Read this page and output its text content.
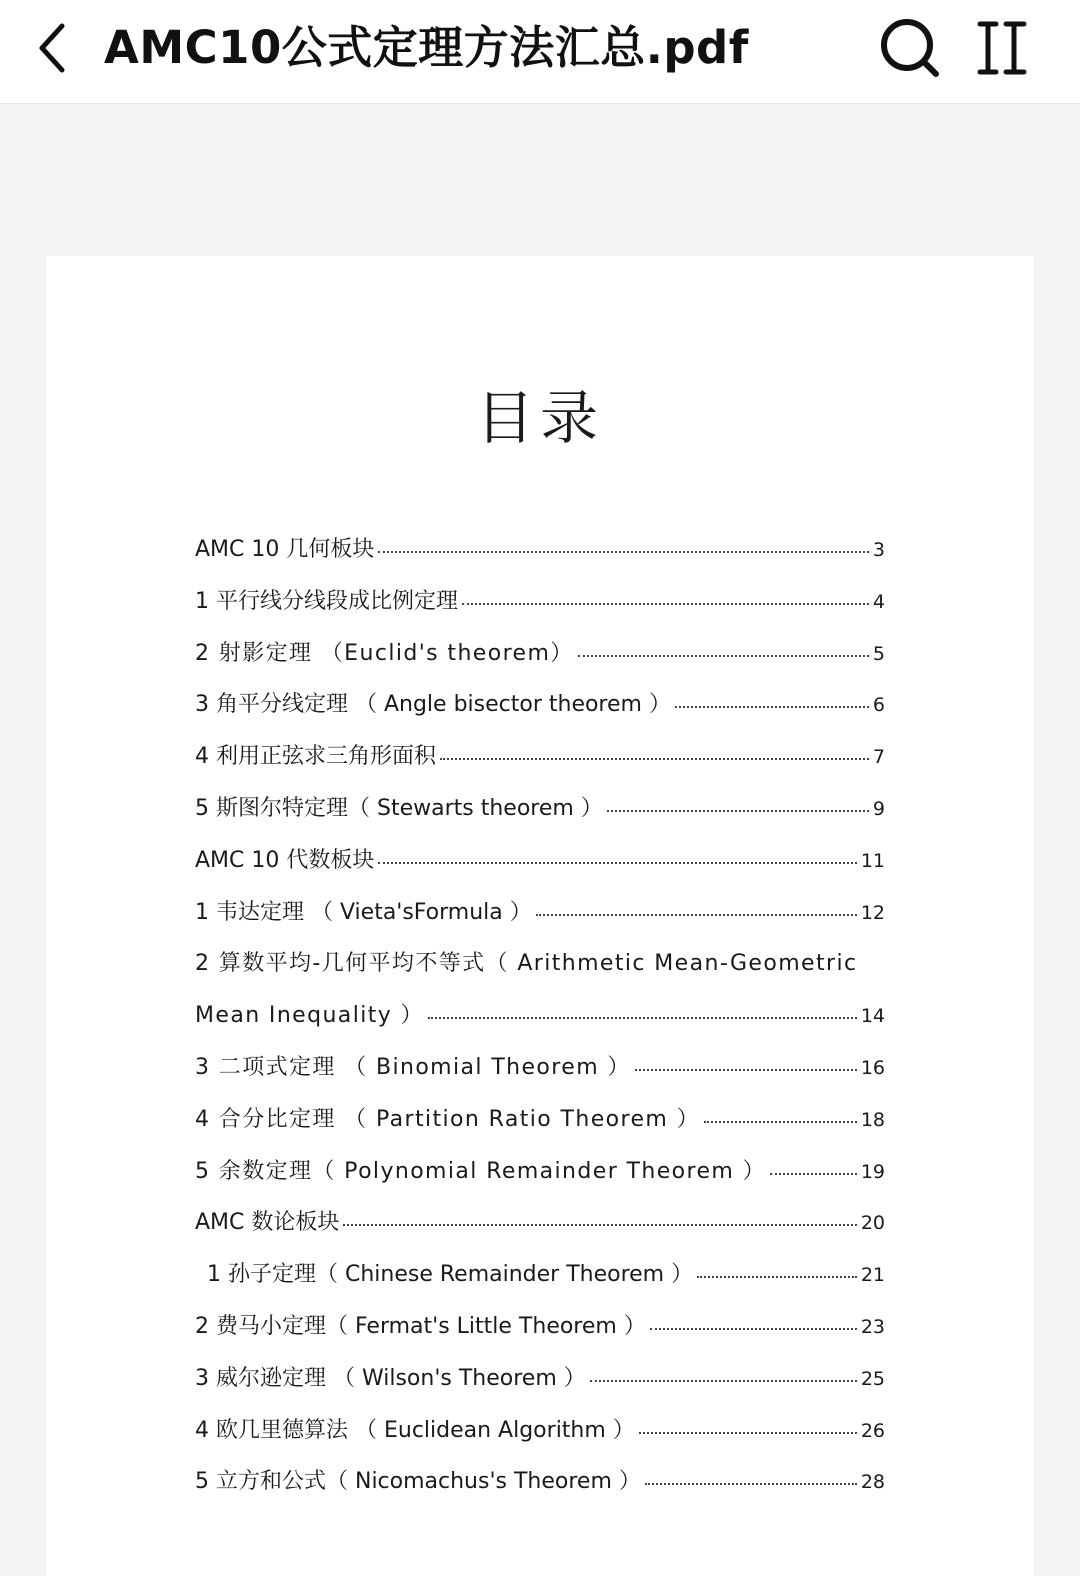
AMC10公式定理方法汇总.pdf
目录
AMC 10 几何板块	3
1 平行线分线段成比例定理	4
2 射影定理 （Euclid's theorem）	5
3 角平分线定理 （ Angle bisector theorem ）	6
4 利用正弦求三角形面积	7
5 斯图尔特定理（ Stewarts theorem ）	9
AMC 10 代数板块	11
1 韦达定理 （ Vieta'sFormula ）	12
2 算数平均-几何平均不等式（ Arithmetic Mean-Geometric
Mean Inequality ）	14
3 二项式定理 （ Binomial Theorem ）	16
4 合分比定理 （ Partition Ratio Theorem ）	18
5 余数定理（ Polynomial Remainder Theorem ）	19
AMC 数论板块	20
1 孙子定理（ Chinese Remainder Theorem ）	21
2 费马小定理（ Fermat's Little Theorem ）	23
3 威尔逊定理 （ Wilson's Theorem ）	25
4 欧几里德算法 （ Euclidean Algorithm ）	26
5 立方和公式（ Nicomachus's Theorem ）	28
